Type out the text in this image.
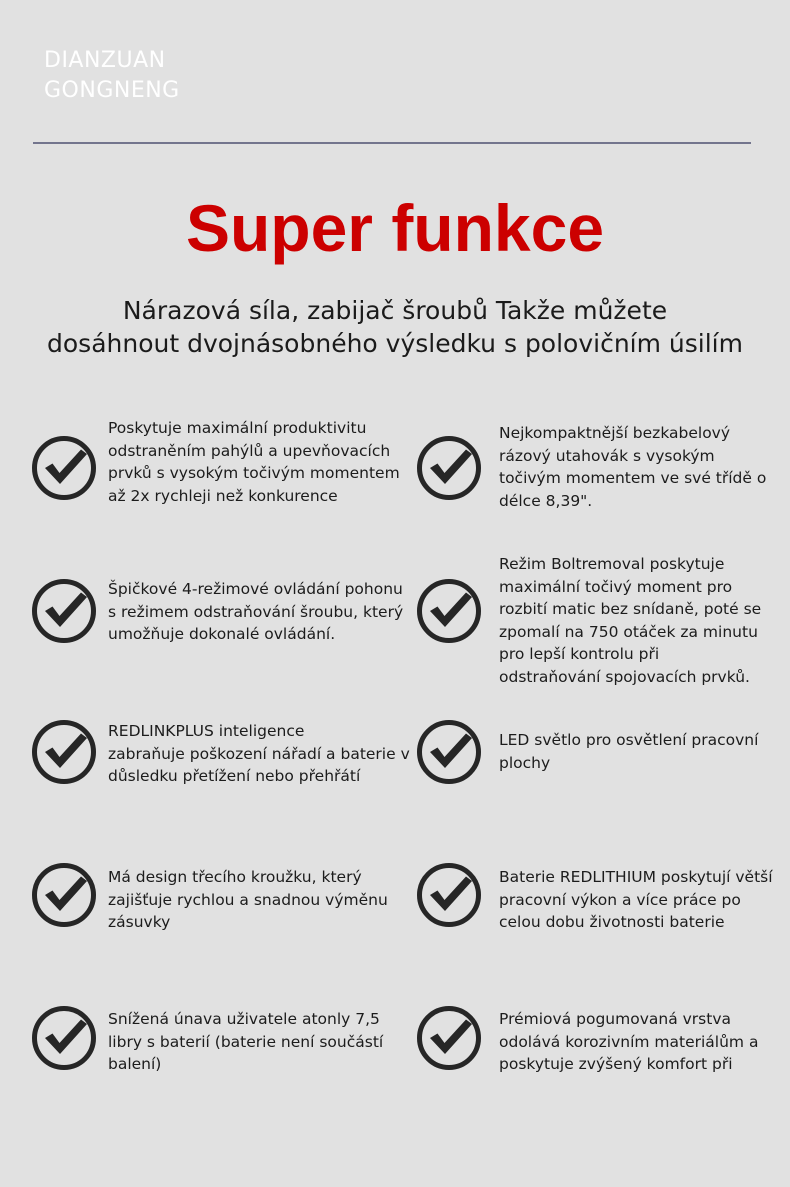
DIANZUAN
GONGNENG
Super funkce
Nárazová síla, zabijač šroubů Takže můžete
dosáhnout dvojnásobného výsledku s polovičním úsilím
Poskytuje maximální produktivitu
odstraněním pahýlů a upevňovacích
prvků s vysokým točivým momentem
až 2x rychleji než konkurence
Špičkové 4-režimové ovládání pohonu
s režimem odstraňování šroubu, který
umožňuje dokonalé ovládání.
REDLINKPLUS inteligence
zabraňuje poškození nářadí a baterie v
důsledku přetížení nebo přehřátí
Má design třecího kroužku, který
zajišťuje rychlou a snadnou výměnu
zásuvky
Snížená únava uživatele atonly 7,5
libry s baterií (baterie není součástí
balení)
Nejkompaktnější bezkabelový
rázový utahovák s vysokým
točivým momentem ve své třídě o
délce 8,39".
Režim Boltremoval poskytuje
maximální točivý moment pro
rozbití matic bez snídaně, poté se
zpomalí na 750 otáček za minutu
pro lepší kontrolu při
odstraňování spojovacích prvků.
LED světlo pro osvětlení pracovní
plochy
Baterie REDLITHIUM poskytují větší
pracovní výkon a více práce po
celou dobu životnosti baterie
Prémiová pogumovaná vrstva
odolává korozivním materiálům a
poskytuje zvýšený komfort při
